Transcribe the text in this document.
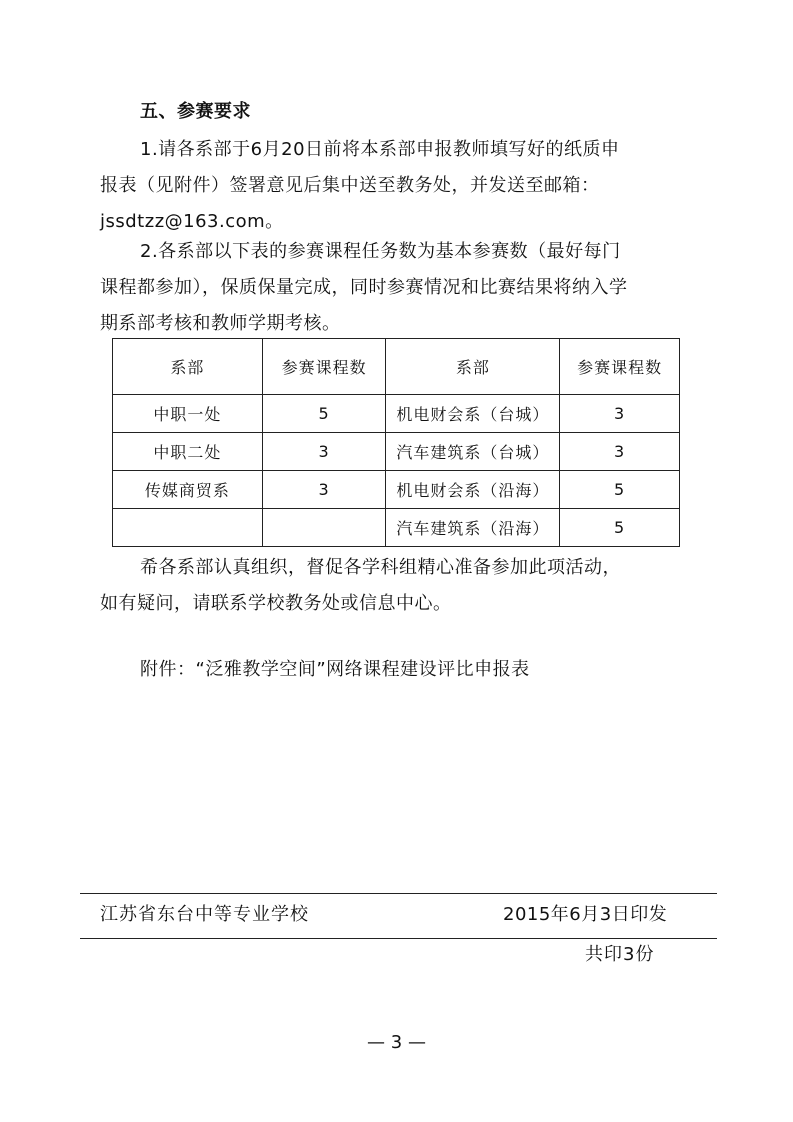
五、参赛要求
1.请各系部于6月20日前将本系部申报教师填写好的纸质申
报表（见附件）签署意见后集中送至教务处，并发送至邮箱：
jssdtzz@163.com。
2.各系部以下表的参赛课程任务数为基本参赛数（最好每门
课程都参加），保质保量完成，同时参赛情况和比赛结果将纳入学
期系部考核和教师学期考核。
系部	参赛课程数	系部	参赛课程数
中职一处	5	机电财会系（台城）	3
中职二处	3	汽车建筑系（台城）	3
传媒商贸系	3	机电财会系（沿海）	5
		汽车建筑系（沿海）	5
希各系部认真组织，督促各学科组精心准备参加此项活动，
如有疑问，请联系学校教务处或信息中心。
附件：“泛雅教学空间”网络课程建设评比申报表
江苏省东台中等专业学校	2015年6月3日印发
共印3份
— 3 —
